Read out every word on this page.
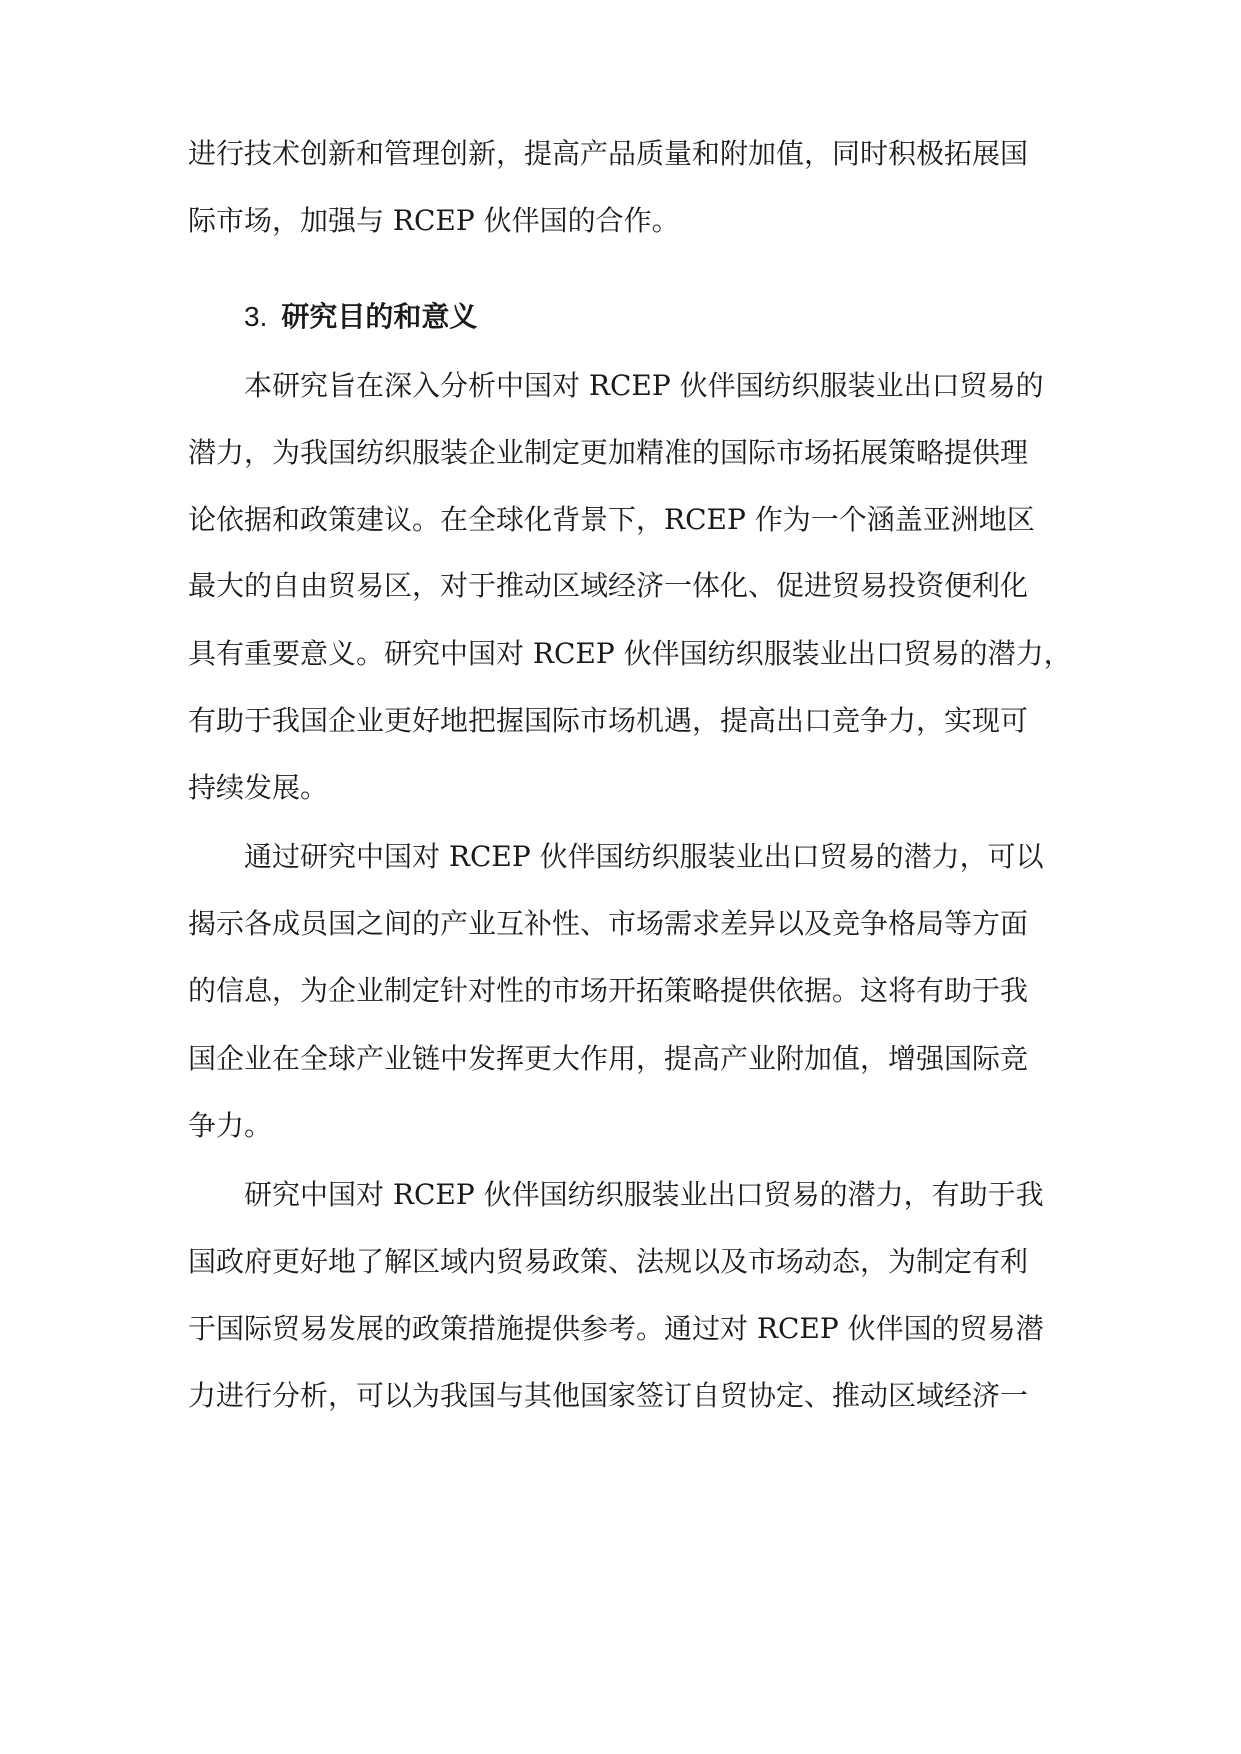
进行技术创新和管理创新，提高产品质量和附加值，同时积极拓展国
际市场，加强与 RCEP 伙伴国的合作。
3. 研究目的和意义
本研究旨在深入分析中国对 RCEP 伙伴国纺织服装业出口贸易的
潜力，为我国纺织服装企业制定更加精准的国际市场拓展策略提供理
论依据和政策建议。在全球化背景下，RCEP 作为一个涵盖亚洲地区
最大的自由贸易区，对于推动区域经济一体化、促进贸易投资便利化
具有重要意义。研究中国对 RCEP 伙伴国纺织服装业出口贸易的潜力，
有助于我国企业更好地把握国际市场机遇，提高出口竞争力，实现可
持续发展。
通过研究中国对 RCEP 伙伴国纺织服装业出口贸易的潜力，可以
揭示各成员国之间的产业互补性、市场需求差异以及竞争格局等方面
的信息，为企业制定针对性的市场开拓策略提供依据。这将有助于我
国企业在全球产业链中发挥更大作用，提高产业附加值，增强国际竞
争力。
研究中国对 RCEP 伙伴国纺织服装业出口贸易的潜力，有助于我
国政府更好地了解区域内贸易政策、法规以及市场动态，为制定有利
于国际贸易发展的政策措施提供参考。通过对 RCEP 伙伴国的贸易潜
力进行分析，可以为我国与其他国家签订自贸协定、推动区域经济一
